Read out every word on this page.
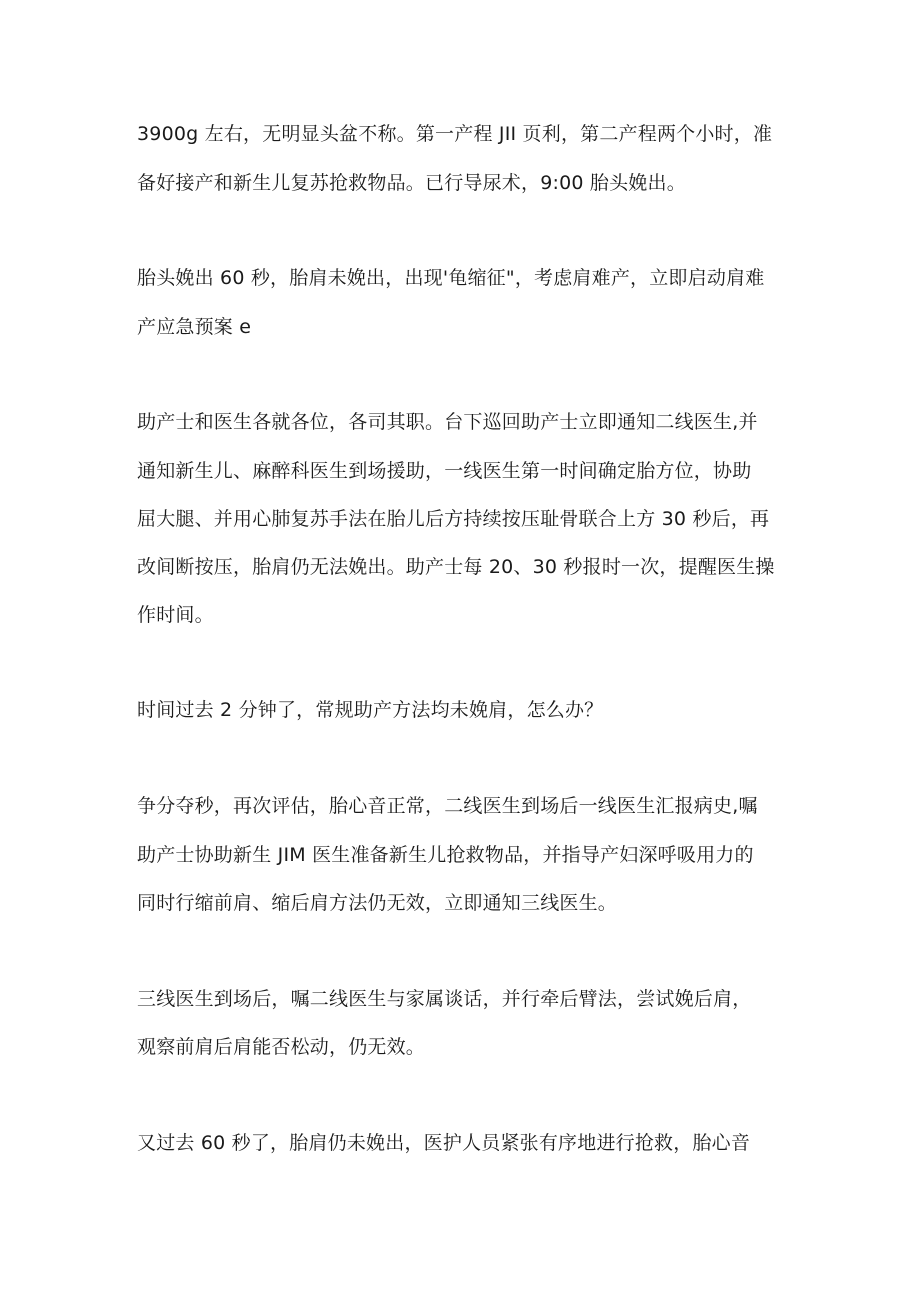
3900g 左右，无明显头盆不称。第一产程 JII 页利，第二产程两个小时，准
备好接产和新生儿复苏抢救物品。已行导尿术，9:00 胎头娩出。
胎头娩出 60 秒，胎肩未娩出，出现'龟缩征"，考虑肩难产，立即启动肩难
产应急预案 e
助产士和医生各就各位，各司其职。台下巡回助产士立即通知二线医生,并
通知新生儿、麻醉科医生到场援助，一线医生第一时间确定胎方位，协助
屈大腿、并用心肺复苏手法在胎儿后方持续按压耻骨联合上方 30 秒后，再
改间断按压，胎肩仍无法娩出。助产士每 20、30 秒报时一次，提醒医生操
作时间。
时间过去 2 分钟了，常规助产方法均未娩肩，怎么办？
争分夺秒，再次评估，胎心音正常，二线医生到场后一线医生汇报病史,嘱
助产士协助新生 JIM 医生准备新生儿抢救物品，并指导产妇深呼吸用力的
同时行缩前肩、缩后肩方法仍无效，立即通知三线医生。
三线医生到场后，嘱二线医生与家属谈话，并行牵后臂法，尝试娩后肩，
观察前肩后肩能否松动，仍无效。
又过去 60 秒了，胎肩仍未娩出，医护人员紧张有序地进行抢救，胎心音
